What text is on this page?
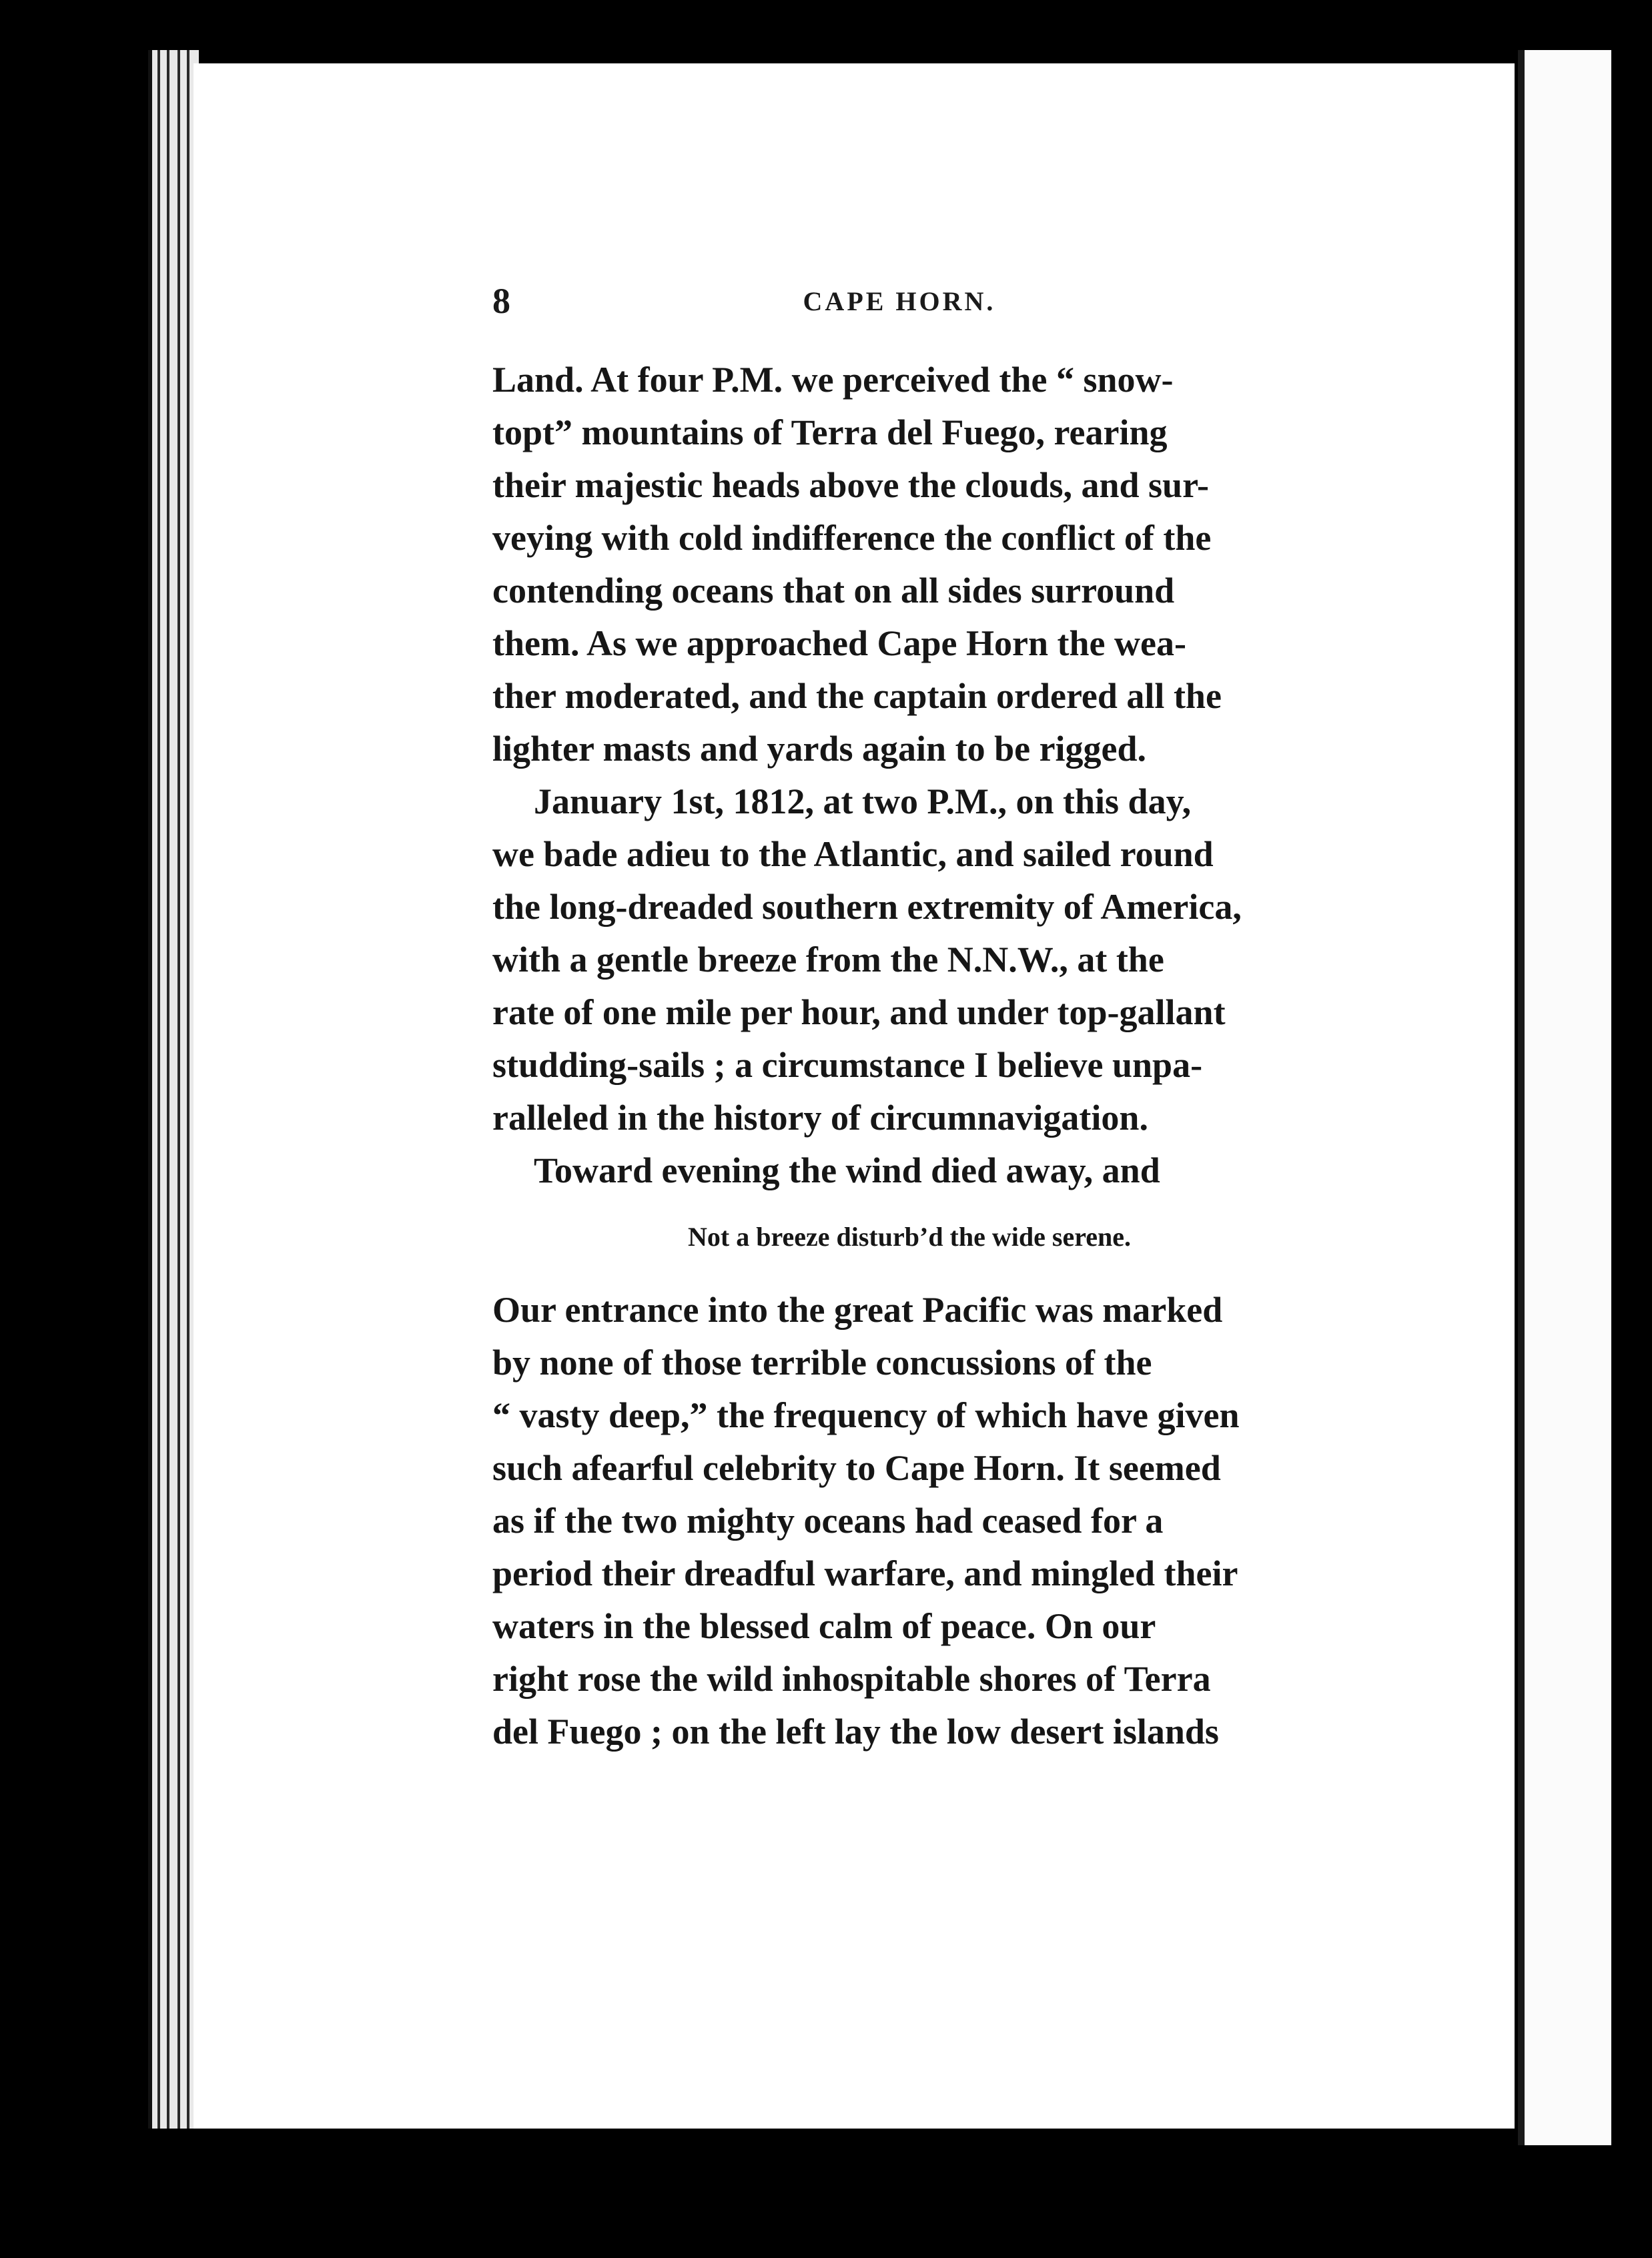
8	CAPE HORN.

Land. At four P.M. we perceived the “ snow-
topt” mountains of Terra del Fuego, rearing
their majestic heads above the clouds, and sur-
veying with cold indifference the conflict of the
contending oceans that on all sides surround
them. As we approached Cape Horn the wea-
ther moderated, and the captain ordered all the
lighter masts and yards again to be rigged.

January 1st, 1812, at two P.M., on this day,
we bade adieu to the Atlantic, and sailed round
the long-dreaded southern extremity of America,
with a gentle breeze from the N.N.W., at the
rate of one mile per hour, and under top-gallant
studding-sails ; a circumstance I believe unpa-
ralleled in the history of circumnavigation.

Toward evening the wind died away, and

Not a breeze disturb’d the wide serene.

Our entrance into the great Pacific was marked
by none of those terrible concussions of the
“ vasty deep,” the frequency of which have given
such afearful celebrity to Cape Horn. It seemed
as if the two mighty oceans had ceased for a
period their dreadful warfare, and mingled their
waters in the blessed calm of peace. On our
right rose the wild inhospitable shores of Terra
del Fuego ; on the left lay the low desert islands
